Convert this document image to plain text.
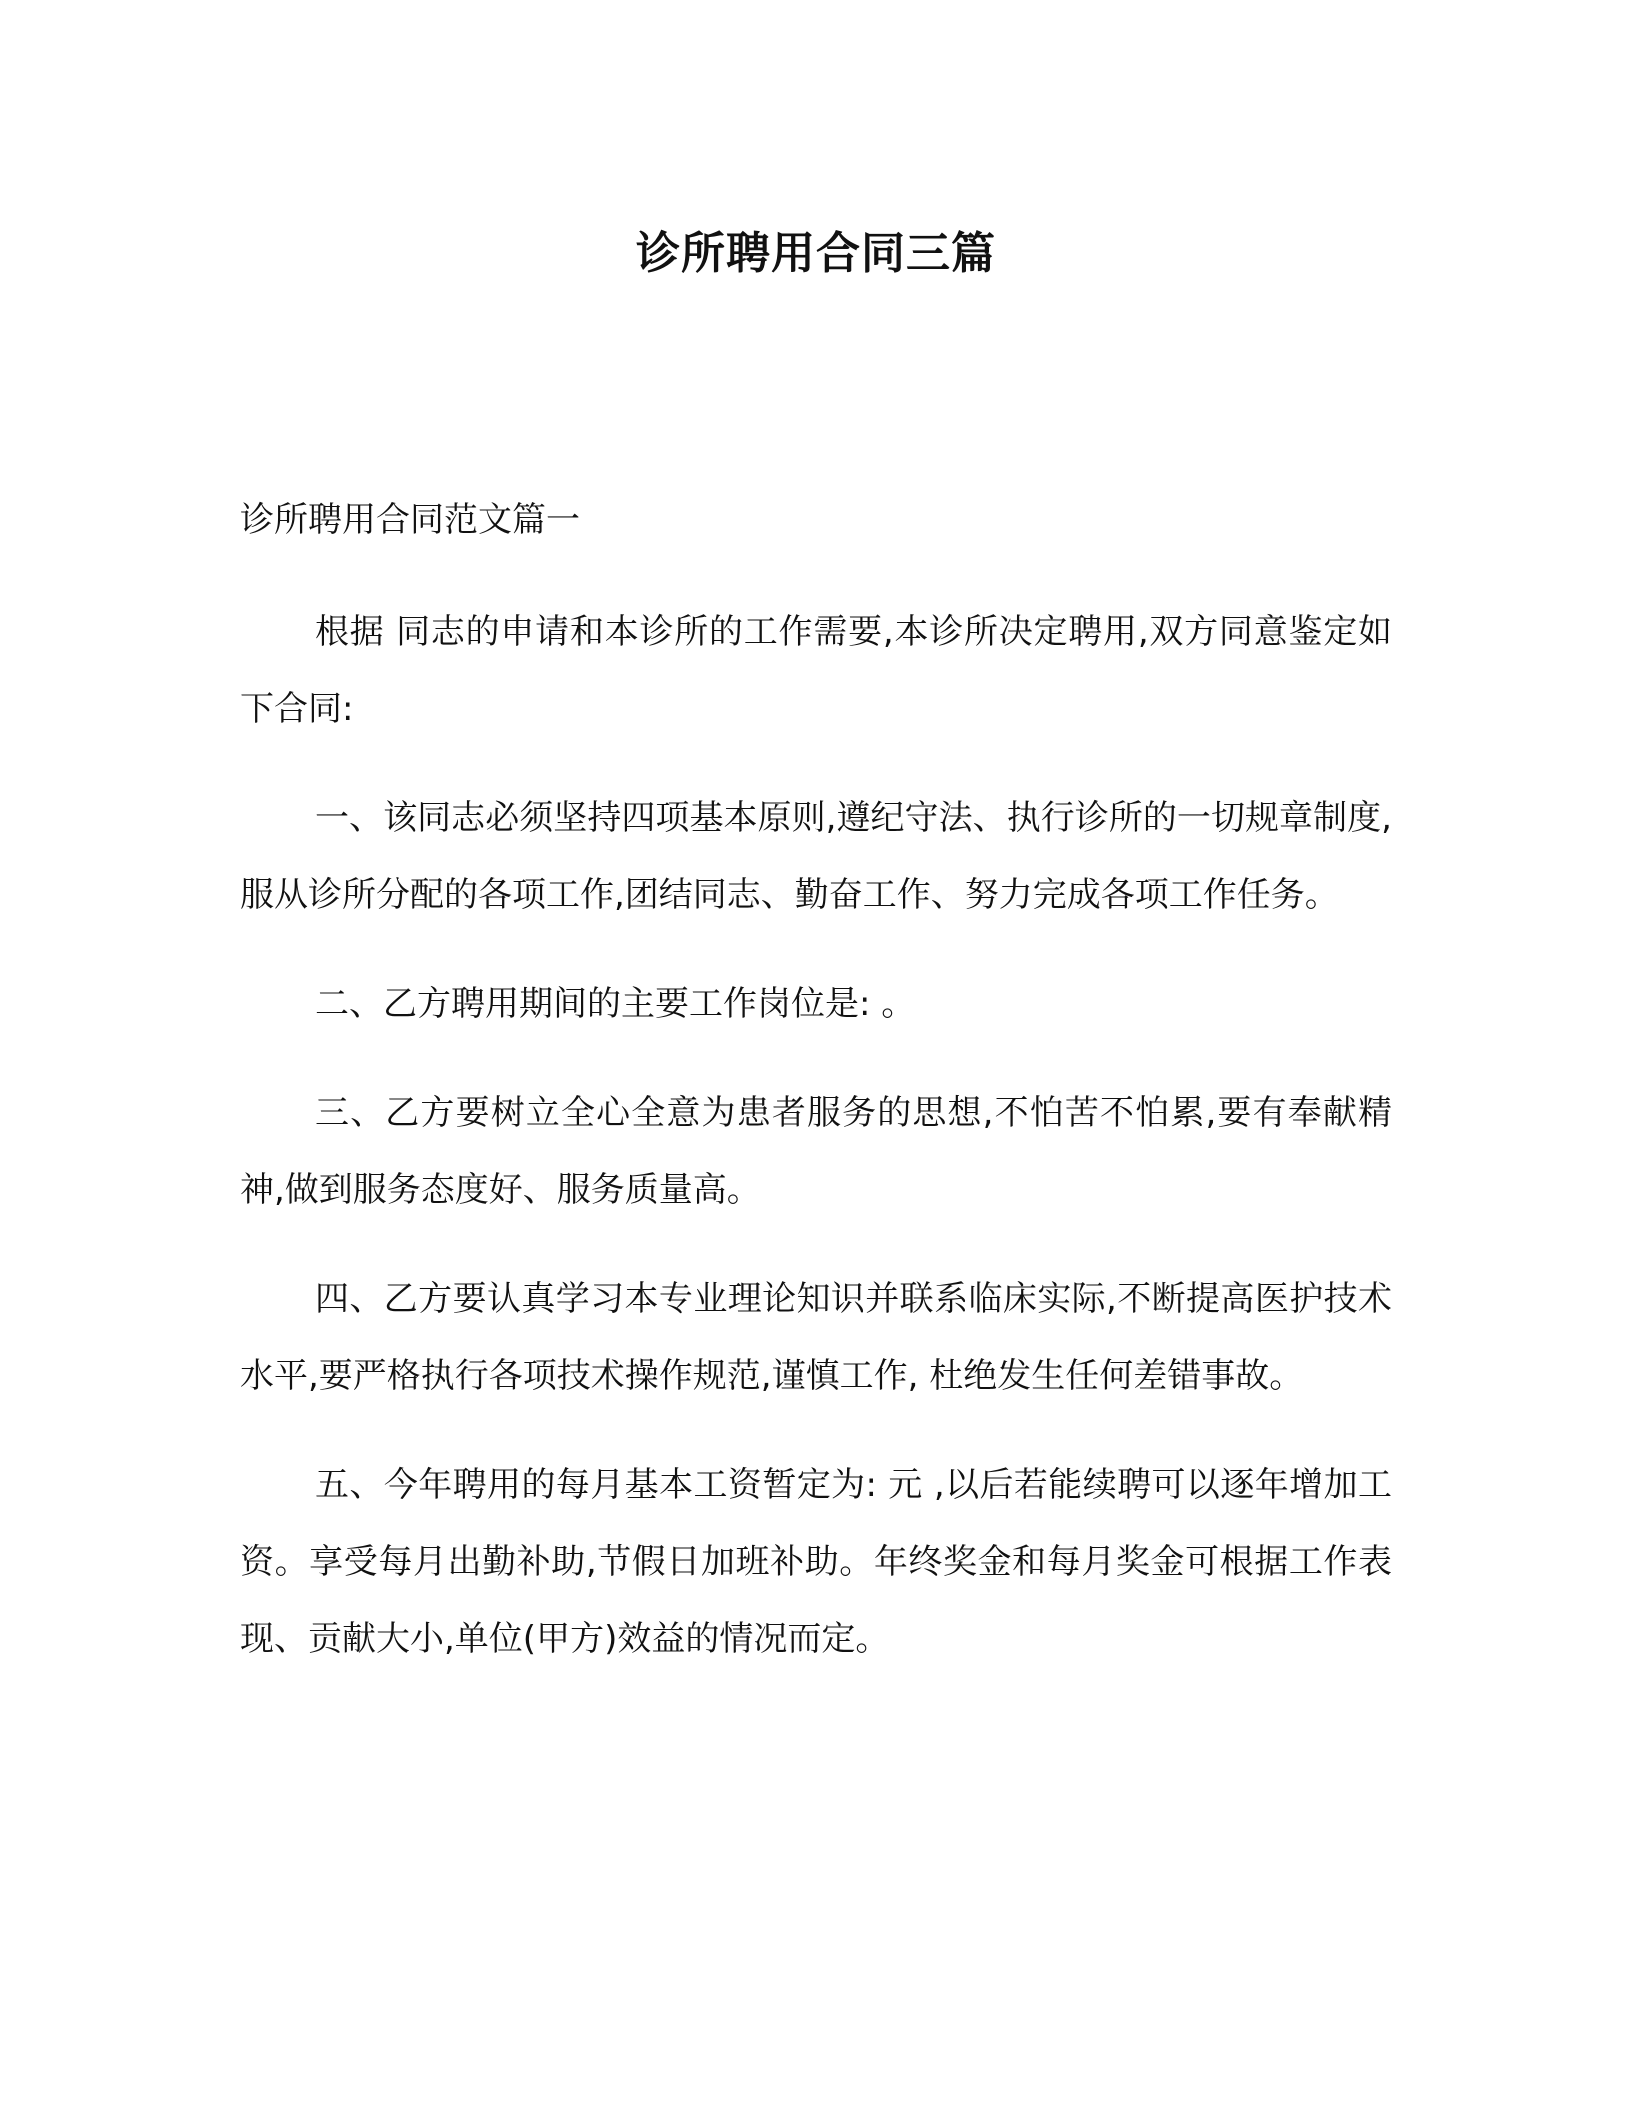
诊所聘用合同三篇
诊所聘用合同范文篇一

根据 同志的申请和本诊所的工作需要,本诊所决定聘用,双方同意鉴定如下合同:

一、该同志必须坚持四项基本原则,遵纪守法、执行诊所的一切规章制度,服从诊所分配的各项工作,团结同志、勤奋工作、努力完成各项工作任务。

二、乙方聘用期间的主要工作岗位是: 。

三、乙方要树立全心全意为患者服务的思想,不怕苦不怕累,要有奉献精神,做到服务态度好、服务质量高。

四、乙方要认真学习本专业理论知识并联系临床实际,不断提高医护技术水平,要严格执行各项技术操作规范,谨慎工作, 杜绝发生任何差错事故。

五、今年聘用的每月基本工资暂定为: 元 ,以后若能续聘可以逐年增加工资。享受每月出勤补助,节假日加班补助。年终奖金和每月奖金可根据工作表现、贡献大小,单位(甲方)效益的情况而定。
